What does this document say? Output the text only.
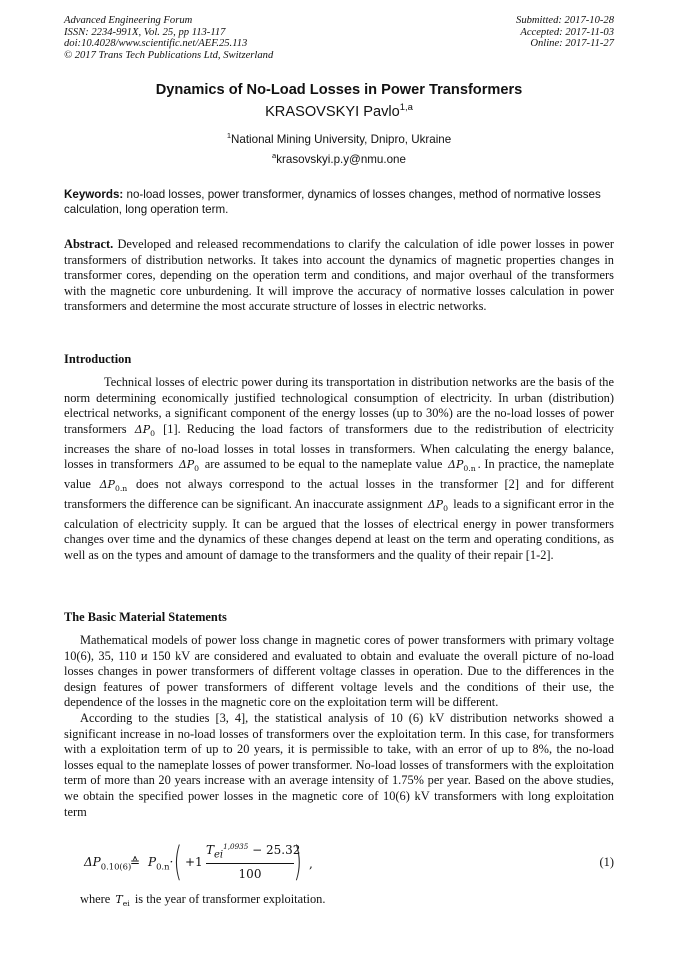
Advanced Engineering Forum
ISSN: 2234-991X, Vol. 25, pp 113-117
doi:10.4028/www.scientific.net/AEF.25.113
© 2017 Trans Tech Publications Ltd, Switzerland
Submitted: 2017-10-28
Accepted: 2017-11-03
Online: 2017-11-27
Dynamics of No-Load Losses in Power Transformers
KRASOVSKYI Pavlo$^{1,a}$
$^1$National Mining University, Dnipro, Ukraine
$^a$krasovskyi.p.y@nmu.one
Keywords: no-load losses, power transformer, dynamics of losses changes, method of normative losses calculation, long operation term.
Abstract. Developed and released recommendations to clarify the calculation of idle power losses in power transformers of distribution networks. It takes into account the dynamics of magnetic properties changes in transformer cores, depending on the operation term and conditions, and major overhaul of the transformers with the magnetic core unburdening. It will improve the accuracy of normative losses calculation in power transformers and determine the most accurate structure of losses in electric networks.
Introduction
Technical losses of electric power during its transportation in distribution networks are the basis of the norm determining economically justified technological consumption of electricity. In urban (distribution) electrical networks, a significant component of the energy losses (up to 30%) are the no-load losses of power transformers $\Delta P_0$ [1]. Reducing the load factors of transformers due to the redistribution of electricity increases the share of no-load losses in total losses in transformers. When calculating the energy balance, losses in transformers $\Delta P_0$ are assumed to be equal to the nameplate value $\Delta P_{0.n}$ . In practice, the nameplate value $\Delta P_{0.n}$ does not always correspond to the actual losses in the transformer [2] and for different transformers the difference can be significant. An inaccurate assignment $\Delta P_0$ leads to a significant error in the calculation of electricity supply. It can be argued that the losses of electrical energy in power transformers changes over time and the dynamics of these changes depend at least on the term and operating conditions, as well as on the types and amount of damage to the transformers and the quality of their repair [1-2].
The Basic Material Statements

Mathematical models of power loss change in magnetic cores of power transformers with primary voltage 10(6), 35, 110 и 150 kV are considered and evaluated to obtain and evaluate the overall picture of no-load losses changes in power transformers of different voltage classes in operation. Due to the differences in the design features of power transformers of different voltage levels and the conditions of their use, the dependence of the losses in the magnetic core on the exploitation term will be different.

According to the studies [3, 4], the statistical analysis of 10 (6) kV distribution networks showed a significant increase in no-load losses of transformers over the exploitation term. In this case, for transformers with a exploitation term of up to 20 years, it is permissible to take, with an error of up to 8%, the no-load losses equal to the nameplate losses of power transformer. No-load losses of transformers with the exploitation term of more than 20 years increase with an average intensity of 1.75% per year. Based on the above studies, we obtain the specified power losses in the magnetic core of 10(6) kV transformers with long exploitation term

$\Delta P_{0.10(6)}$
≙ $P_{0.n}\cdot$ ( +1
$T_{ei}^{1,0935} - 25.32$
100 ) ,	(1)
where $T_{ei}$ is the year of transformer exploitation.
